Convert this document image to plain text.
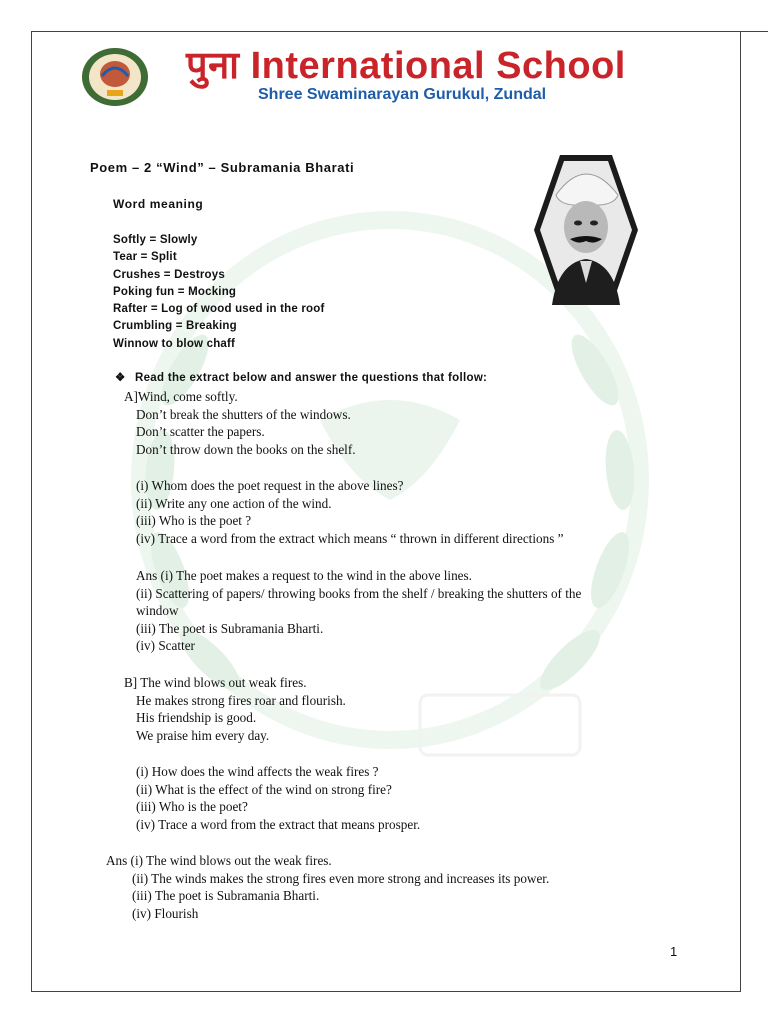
पुना International School
Shree Swaminarayan Gurukul, Zundal
Poem – 2 “Wind” – Subramania Bharati
Word meaning
Softly = Slowly
Tear = Split
Crushes = Destroys
Poking fun = Mocking
Rafter = Log of wood used in the roof
Crumbling = Breaking
Winnow to blow chaff
❖ Read the extract below and answer the questions that follow:
A]Wind, come softly.
Don’t break the shutters of the windows.
Don’t scatter the papers.
Don’t throw down the books on the shelf.
(i) Whom does the poet request in the above lines?
(ii) Write any one action of the wind.
(iii) Who is the poet ?
(iv) Trace a word from the extract which means “ thrown in different directions ”
Ans (i) The poet makes a request to the wind in the above lines.
(ii) Scattering of papers/ throwing books from the shelf / breaking the shutters of the
window
(iii) The poet is Subramania Bharti.
(iv) Scatter
B] The wind blows out weak fires.
He makes strong fires roar and flourish.
His friendship is good.
We praise him every day.
(i) How does the wind affects the weak fires ?
(ii) What is the effect of the wind on strong fire?
(iii) Who is the poet?
(iv) Trace a word from the extract that means prosper.
Ans (i) The wind blows out the weak fires.
(ii) The winds makes the strong fires even more strong and increases its power.
(iii) The poet is Subramania Bharti.
(iv) Flourish
1
